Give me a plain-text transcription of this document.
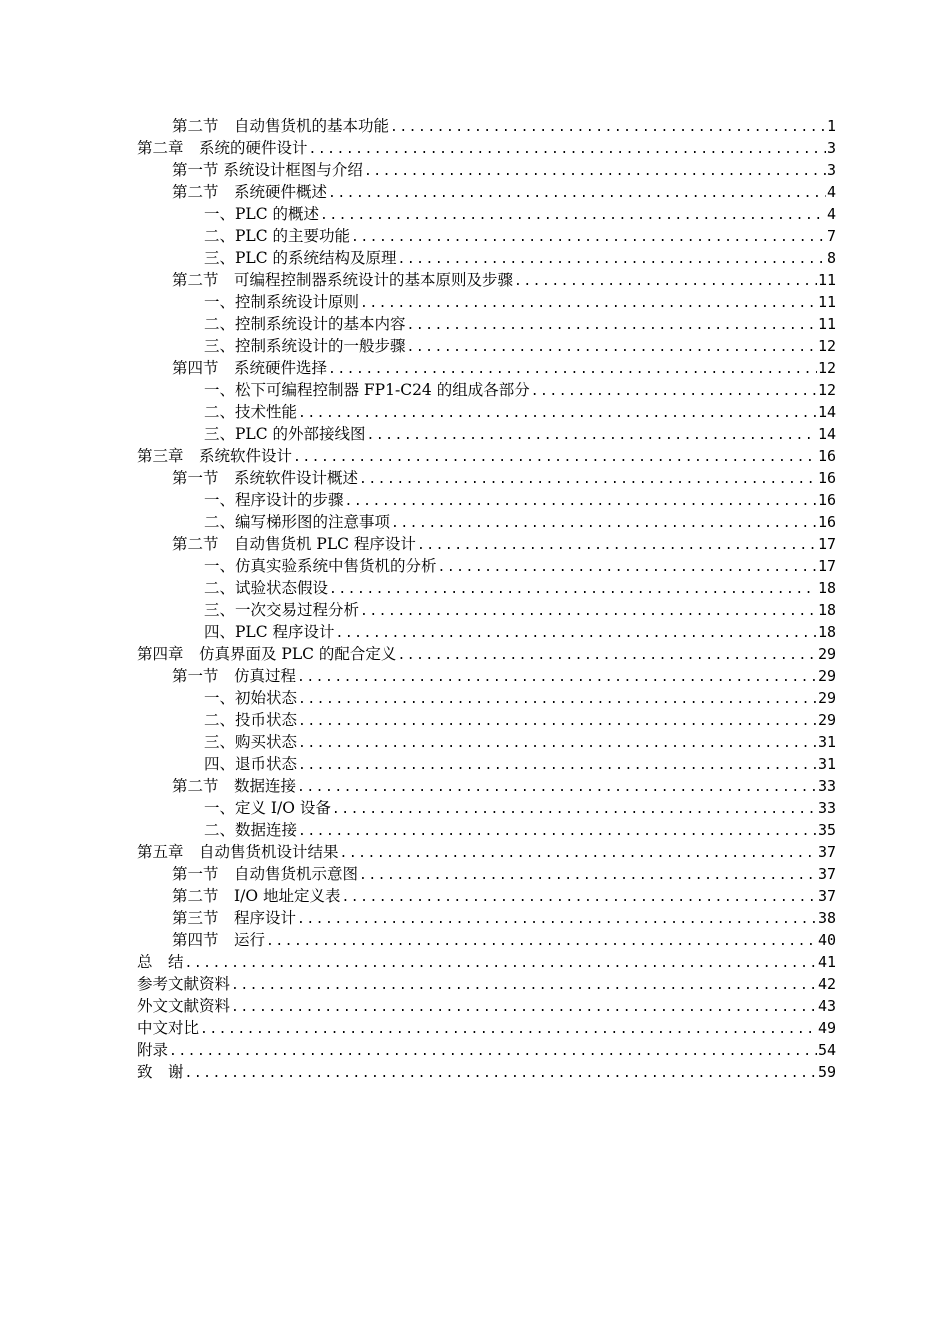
第二节　自动售货机的基本功能 .....	1
第二章　系统的硬件设计 .....	3
第一节 系统设计框图与介绍 .....	3
第二节　系统硬件概述 .....	4
一、PLC 的概述 .....	4
二、PLC 的主要功能 .....	7
三、PLC 的系统结构及原理 .....	8
第二节　可编程控制器系统设计的基本原则及步骤 .....	11
一、控制系统设计原则 .....	11
二、控制系统设计的基本内容 .....	11
三、控制系统设计的一般步骤 .....	12
第四节　系统硬件选择 .....	12
一、松下可编程控制器 FP1-C24 的组成各部分 .....	12
二、技术性能 .....	14
三、PLC 的外部接线图 .....	14
第三章　系统软件设计 .....	16
第一节　系统软件设计概述 .....	16
一、程序设计的步骤 .....	16
二、编写梯形图的注意事项 .....	16
第二节　自动售货机 PLC 程序设计 .....	17
一、仿真实验系统中售货机的分析 .....	17
二、试验状态假设 .....	18
三、一次交易过程分析 .....	18
四、PLC 程序设计 .....	18
第四章　仿真界面及 PLC 的配合定义 .....	29
第一节　仿真过程 .....	29
一、初始状态 .....	29
二、投币状态 .....	29
三、购买状态 .....	31
四、退币状态 .....	31
第二节　数据连接 .....	33
一、定义 I/O 设备 .....	33
二、数据连接 .....	35
第五章　自动售货机设计结果 .....	37
第一节　自动售货机示意图 .....	37
第二节　I/O 地址定义表 .....	37
第三节　程序设计 .....	38
第四节　运行 .....	40
总　结 .....	41
参考文献资料 .....	42
外文文献资料 .....	43
中文对比 .....	49
附录 .....	54
致　谢 .....	59
